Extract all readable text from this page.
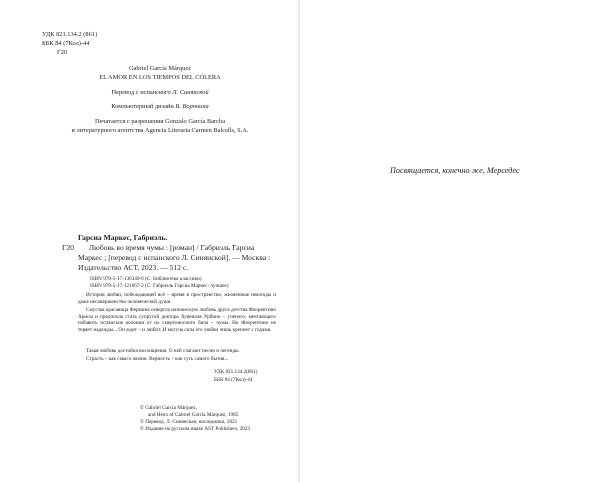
УДК 821.134.2 (861)
ББК 84 (7Кол)-44
Г20
Gabriel García Márquez
EL AMOR EN LOS TIEMPOS DEL CÓLERA
Перевод с испанского Л. Синянской
Компьютерный дизайн В. Воронина
Печатается с разрешения Gonzalo García Barcha
и литературного агентства Agencia Literaria Carmen Balcells, S.A.
Гарсиа Маркес, Габриэль.
Г20 Любовь во время чумы : [роман] / Габриэль Гарсиа
Маркес ; [перевод с испанского Л. Синянской]. — Москва :
Издательство АСТ, 2023. — 512 с.
ISBN 978-5-17-136340-6 (С: Библиотека классики)
ISBN 978-5-17-121667-2 (С: Габриэль Гарсиа Маркес: лучшее)
История любви, побеждающей всё – время в пространство, жизненные невзгоды и даже несовершенство человеческой души.
Смуглая красавица Фермина отвергла юношескую любовь друга детства Флорентино Арисы и предпочла стать супругой доктора Хувеналя Урбино – ученого, мечтающего избавить испанские колонии от их смертоносного бича – чумы. Но Флорентино не теряет надежды... Он ждет – и любит. И могуча сила его любви лишь крепнет с годами.
Такая любовь достойна восхищения. О ней слагают песни и легенды.
Страсть – как смысл жизни. Верность – как суть самого бытия...
УДК 821.134.2(861)
ББК 84 (7Кол)-44
© Gabriel García Márquez,
and Heirs of Gabriel García Márquez, 1985
© Перевод. Л. Синянская, наследники, 2021
© Издание на русском языке AST Publishers, 2023
Посвящается, конечно же, Мерседес
